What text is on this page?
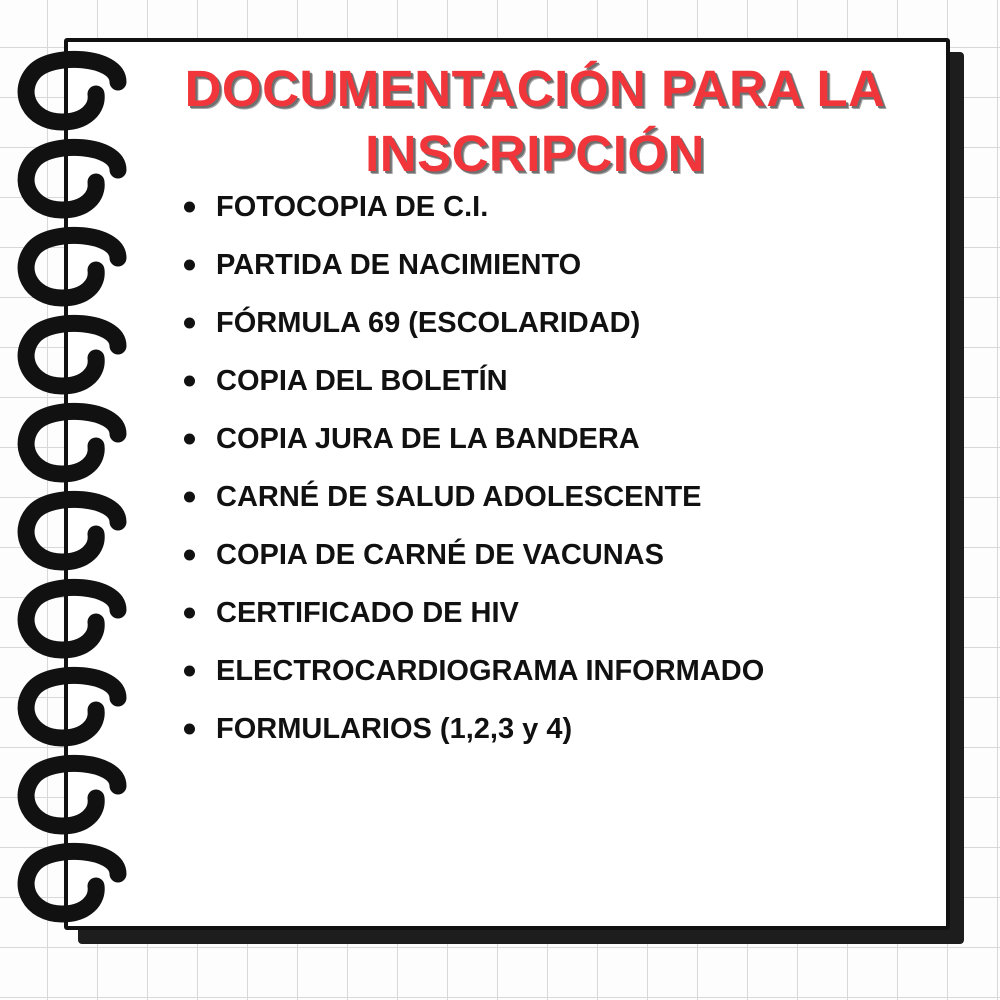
DOCUMENTACIÓN PARA LA INSCRIPCIÓN
FOTOCOPIA DE C.I.
PARTIDA DE NACIMIENTO
FÓRMULA 69 (ESCOLARIDAD)
COPIA DEL BOLETÍN
COPIA JURA DE LA BANDERA
CARNÉ DE SALUD ADOLESCENTE
COPIA DE CARNÉ DE VACUNAS
CERTIFICADO DE HIV
ELECTROCARDIOGRAMA INFORMADO
FORMULARIOS (1,2,3 y 4)
